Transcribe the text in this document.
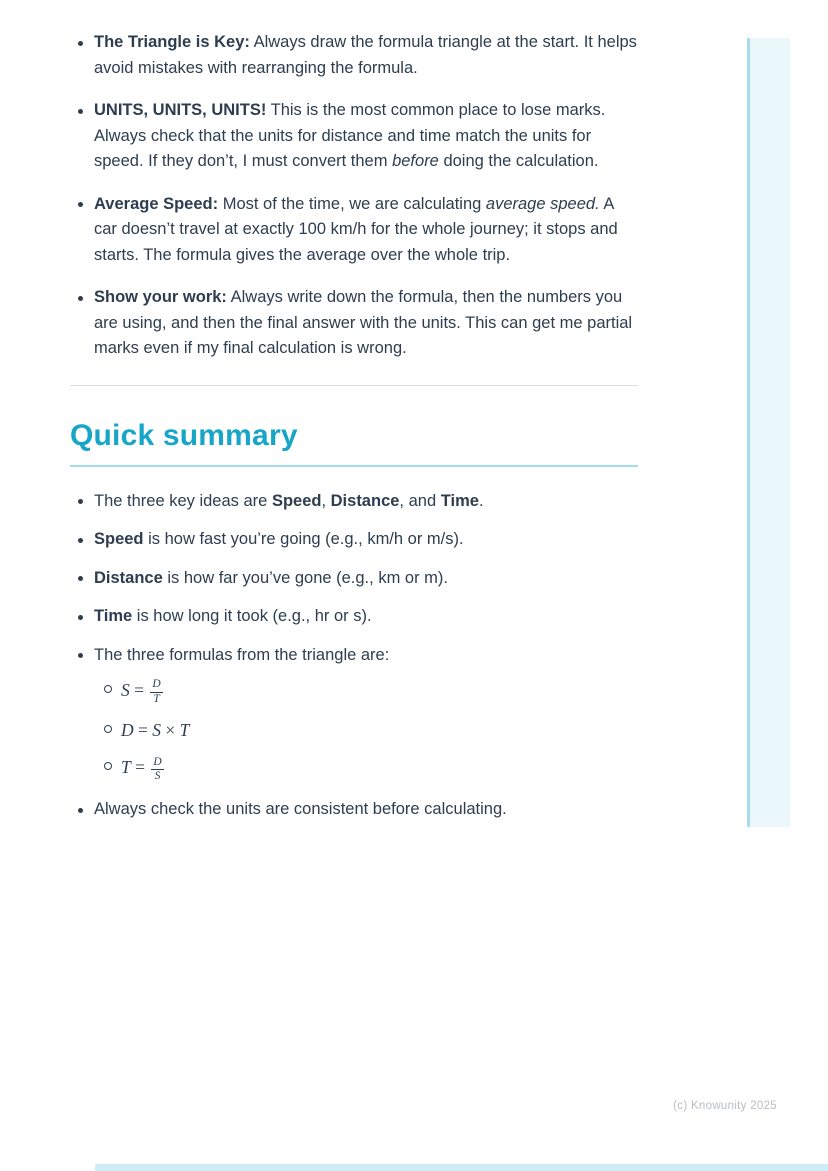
The Triangle is Key: Always draw the formula triangle at the start. It helps avoid mistakes with rearranging the formula.
UNITS, UNITS, UNITS! This is the most common place to lose marks. Always check that the units for distance and time match the units for speed. If they don’t, I must convert them before doing the calculation.
Average Speed: Most of the time, we are calculating average speed. A car doesn’t travel at exactly 100 km/h for the whole journey; it stops and starts. The formula gives the average over the whole trip.
Show your work: Always write down the formula, then the numbers you are using, and then the final answer with the units. This can get me partial marks even if my final calculation is wrong.
Quick summary
The three key ideas are Speed, Distance, and Time.
Speed is how fast you’re going (e.g., km/h or m/s).
Distance is how far you’ve gone (e.g., km or m).
Time is how long it took (e.g., hr or s).
The three formulas from the triangle are:
$S = \frac{D}{T}$
D = S × T
$T = \frac{D}{S}$
Always check the units are consistent before calculating.
(c) Knowunity 2025
